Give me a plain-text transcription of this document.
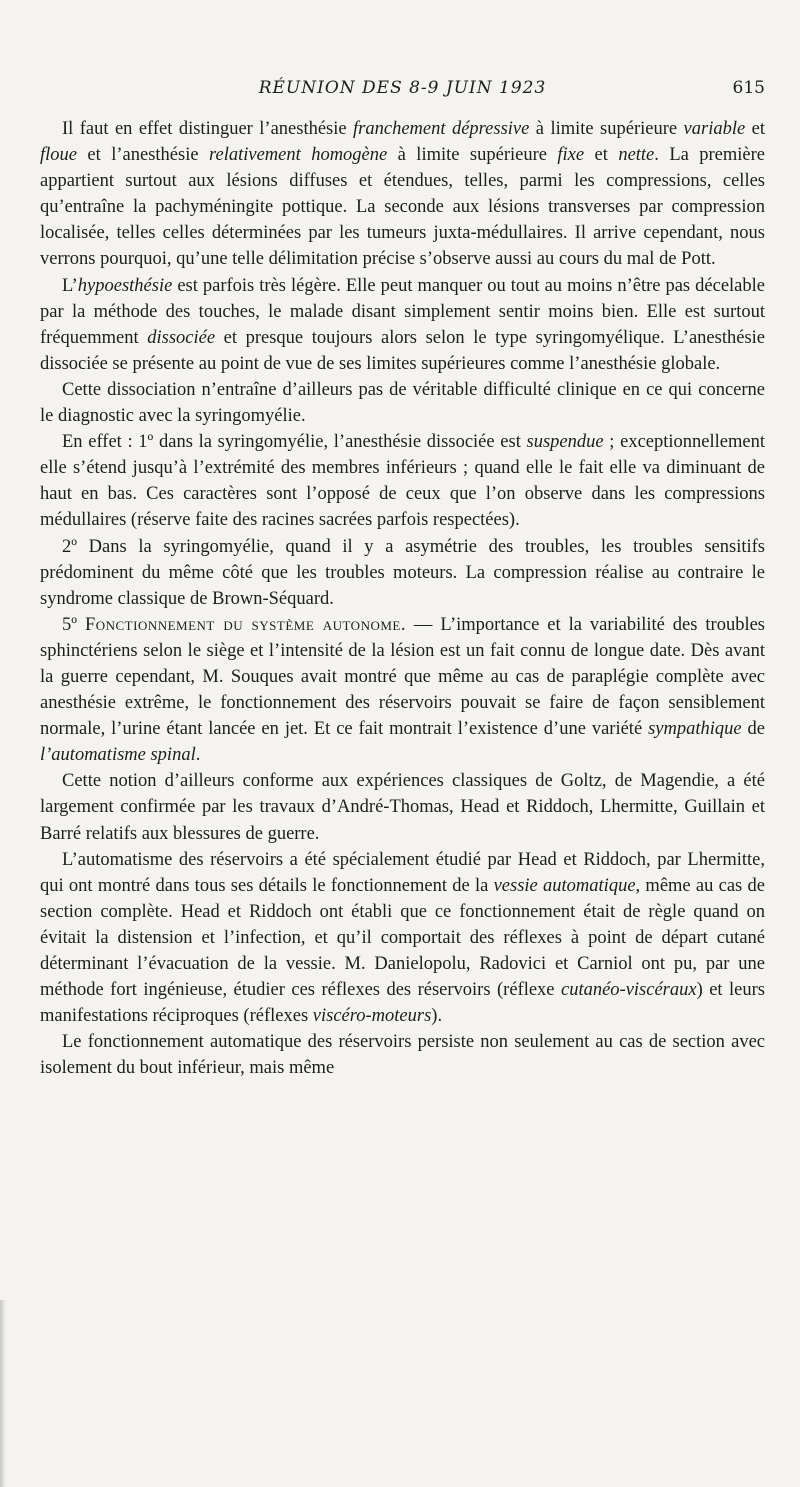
RÉUNION DES 8-9 JUIN 1923	615

Il faut en effet distinguer l’anesthésie franchement dépressive à limite supérieure variable et floue et l’anesthésie relativement homogène à limite supérieure fixe et nette. La première appartient surtout aux lésions diffuses et étendues, telles, parmi les compressions, celles qu’entraîne la pachyméningite pottique. La seconde aux lésions transverses par compression localisée, telles celles déterminées par les tumeurs juxta-médullaires. Il arrive cependant, nous verrons pourquoi, qu’une telle délimitation précise s’observe aussi au cours du mal de Pott.

L’hypoesthésie est parfois très légère. Elle peut manquer ou tout au moins n’être pas décelable par la méthode des touches, le malade disant simplement sentir moins bien. Elle est surtout fréquemment dissociée et presque toujours alors selon le type syringomyélique. L’anesthésie dissociée se présente au point de vue de ses limites supérieures comme l’anesthésie globale.

Cette dissociation n’entraîne d’ailleurs pas de véritable difficulté clinique en ce qui concerne le diagnostic avec la syringomyélie.

En effet : 1º dans la syringomyélie, l’anesthésie dissociée est suspendue ; exceptionnellement elle s’étend jusqu’à l’extrémité des membres inférieurs ; quand elle le fait elle va diminuant de haut en bas. Ces caractères sont l’opposé de ceux que l’on observe dans les compressions médullaires (réserve faite des racines sacrées parfois respectées).

2º Dans la syringomyélie, quand il y a asymétrie des troubles, les troubles sensitifs prédominent du même côté que les troubles moteurs. La compression réalise au contraire le syndrome classique de Brown-Séquard.

5º Fonctionnement du système autonome. — L’importance et la variabilité des troubles sphinctériens selon le siège et l’intensité de la lésion est un fait connu de longue date. Dès avant la guerre cependant, M. Souques avait montré que même au cas de paraplégie complète avec anesthésie extrême, le fonctionnement des réservoirs pouvait se faire de façon sensiblement normale, l’urine étant lancée en jet. Et ce fait montrait l’existence d’une variété sympathique de l’automatisme spinal.

Cette notion d’ailleurs conforme aux expériences classiques de Goltz, de Magendie, a été largement confirmée par les travaux d’André-Thomas, Head et Riddoch, Lhermitte, Guillain et Barré relatifs aux blessures de guerre.

L’automatisme des réservoirs a été spécialement étudié par Head et Riddoch, par Lhermitte, qui ont montré dans tous ses détails le fonctionnement de la vessie automatique, même au cas de section complète. Head et Riddoch ont établi que ce fonctionnement était de règle quand on évitait la distension et l’infection, et qu’il comportait des réflexes à point de départ cutané déterminant l’évacuation de la vessie. M. Danielopolu, Radovici et Carniol ont pu, par une méthode fort ingénieuse, étudier ces réflexes des réservoirs (réflexe cutanéo-viscéraux) et leurs manifestations réciproques (réflexes viscéro-moteurs).

Le fonctionnement automatique des réservoirs persiste non seulement au cas de section avec isolement du bout inférieur, mais même
